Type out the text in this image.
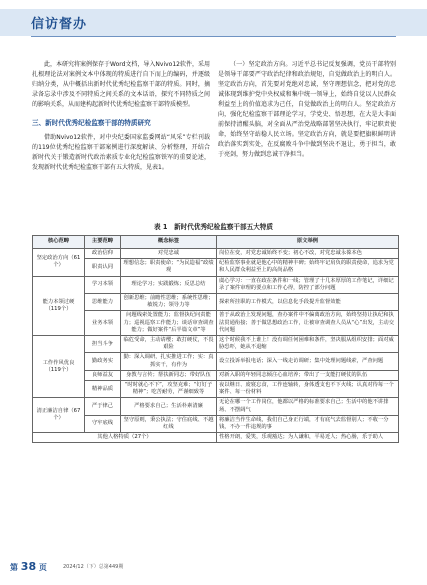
信访督办

此，本研究将案例保存于Word文档，导入Nvivo12软件，采用扎根理论法对案例文本中体现的特质进行自下而上的编码，并逐级归纳分类，从中概括出新时代优秀纪检监察干部的特质。同时，摘录备忘录中涉及不同特质之间关系的文本话语，探究不同特质之间的影响关系，从而建构起新时代优秀纪检监察干部特质模型。

三、新时代优秀纪检监察干部的特质研究

借助Nvivo12软件，对中央纪委国家监委网站“风采”专栏刊载的119位优秀纪检监察干部案例进行深度解读、分析整理，开结合新时代关于锻造新时代政治素质专业化纪检监察铁军的重要论述，发现新时代优秀纪检监察干部有五大特质，见表1。

（一）坚定政治方向。习近平总书记反复强调，党员干部特别是领导干部要严守政治纪律和政治规矩，自觉做政治上的明白人。坚定政治方向，首先要对党绝对忠诚，坚守理想信念，把对党的忠诚体现到维护党中央权威和集中统一领导上，始终自觉以人民群众利益至上的价值追求为己任，自觉做政治上的明白人。坚定政治方向，强化纪检监察干部理论学习，学党史、悟思想，在大是大非面前保持清醒头脑，对全面从严治党战略部署坚决执行，牢记职责使命，始终坚守站稳人民立场。坚定政治方向，就是要把旗帜鲜明讲政治落实到实处，在反腐败斗争中做到坚决不退让，勇于担当，敢于亮剑，努力做到忠诚干净担当。

表 1　新时代优秀纪检监察干部五大特质
核心范畴	主要范畴	概念标签	原文举例
坚定政治方向（61个）	政治信仰	对党忠诚	岗位在变，对党忠诚始终不变；初心不改，对党忠诚永葆本色
	职责认同	理想信念；职责使命；“为民造福”政绩观	纪检监察事业就是他心中的精神丰碑；始终牢记肩负的职责使命，追求为党和人民群众利益至上的高尚品格
能力本领过硬（119个）	学习本领	理论学习；实践锻炼；反思总结	虞心学习：一直在政在条件和一线；管理了十几本厚厚的工作笔记，详细记录了案件审理的要点和工作心得，防控了部分问题
	思维能力	创新思维；前瞻性思维；系统性思维；敏锐力；领导力等	探索所挂职的工作模式，以信息化手段提升监督效能
	业务本领	问题线索处置能力；监督执纪问责能力；巡视巡察工作能力；谈话审查调查能力；做好案件“后半篇文章”等	善于从政治上发现问题，查办案件中不偏离政治方向，始终坚持让执纪和执法贯通衔接；善于做思想政治工作，让被审查调查人员从“心”出发，主动交代问题
工作作风优良（119个）	担当斗争	临危受命，主动请缨；敢打硬仗，不畏艰险	这个时候我不上谁上！没有调任何困难和条件，坚决服从组织安排；面对威胁恐吓，她从不退缩
	勤政务实	勤：深入调研，扎实推进工作；实：真抓实干，有作为	设立投诉举报电话；深入一线走访调研；集中处理问题线索，严查问题
	良师益友	身教与言传；帮扶新同志；带好队伍	对新入职的年轻同志倾注心血培养；带出了一支能打硬仗的队伍
	精神品质	“时时就心不下”，攻坚克难；“钉钉子精神”；吃苦耐劳，严谨细致等	夜以继日、废寝忘食，工作连轴转，身体透支也不下火线；认真对待每一个案件、每一份材料
清正廉洁自律（67个）	严于律己	严格要求自己；生活朴素清廉	无论在哪一个工作岗位，他都以严格的标准要求自己；生活中的他不讲排场、不摆阔气
	守牢底线	坚守原则，秉公执法；守住底线、不越红线	将廉洁当作生命线，我们自己身正行端，才有底气去监督别人；不收一分钱，不办一件违规的事
其他人格特质（27个）			性格开朗，爱笑，乐观豁达；为人谦和，平易近人；热心肠，乐于助人
第 38 页	2024/12（下）总第449期
